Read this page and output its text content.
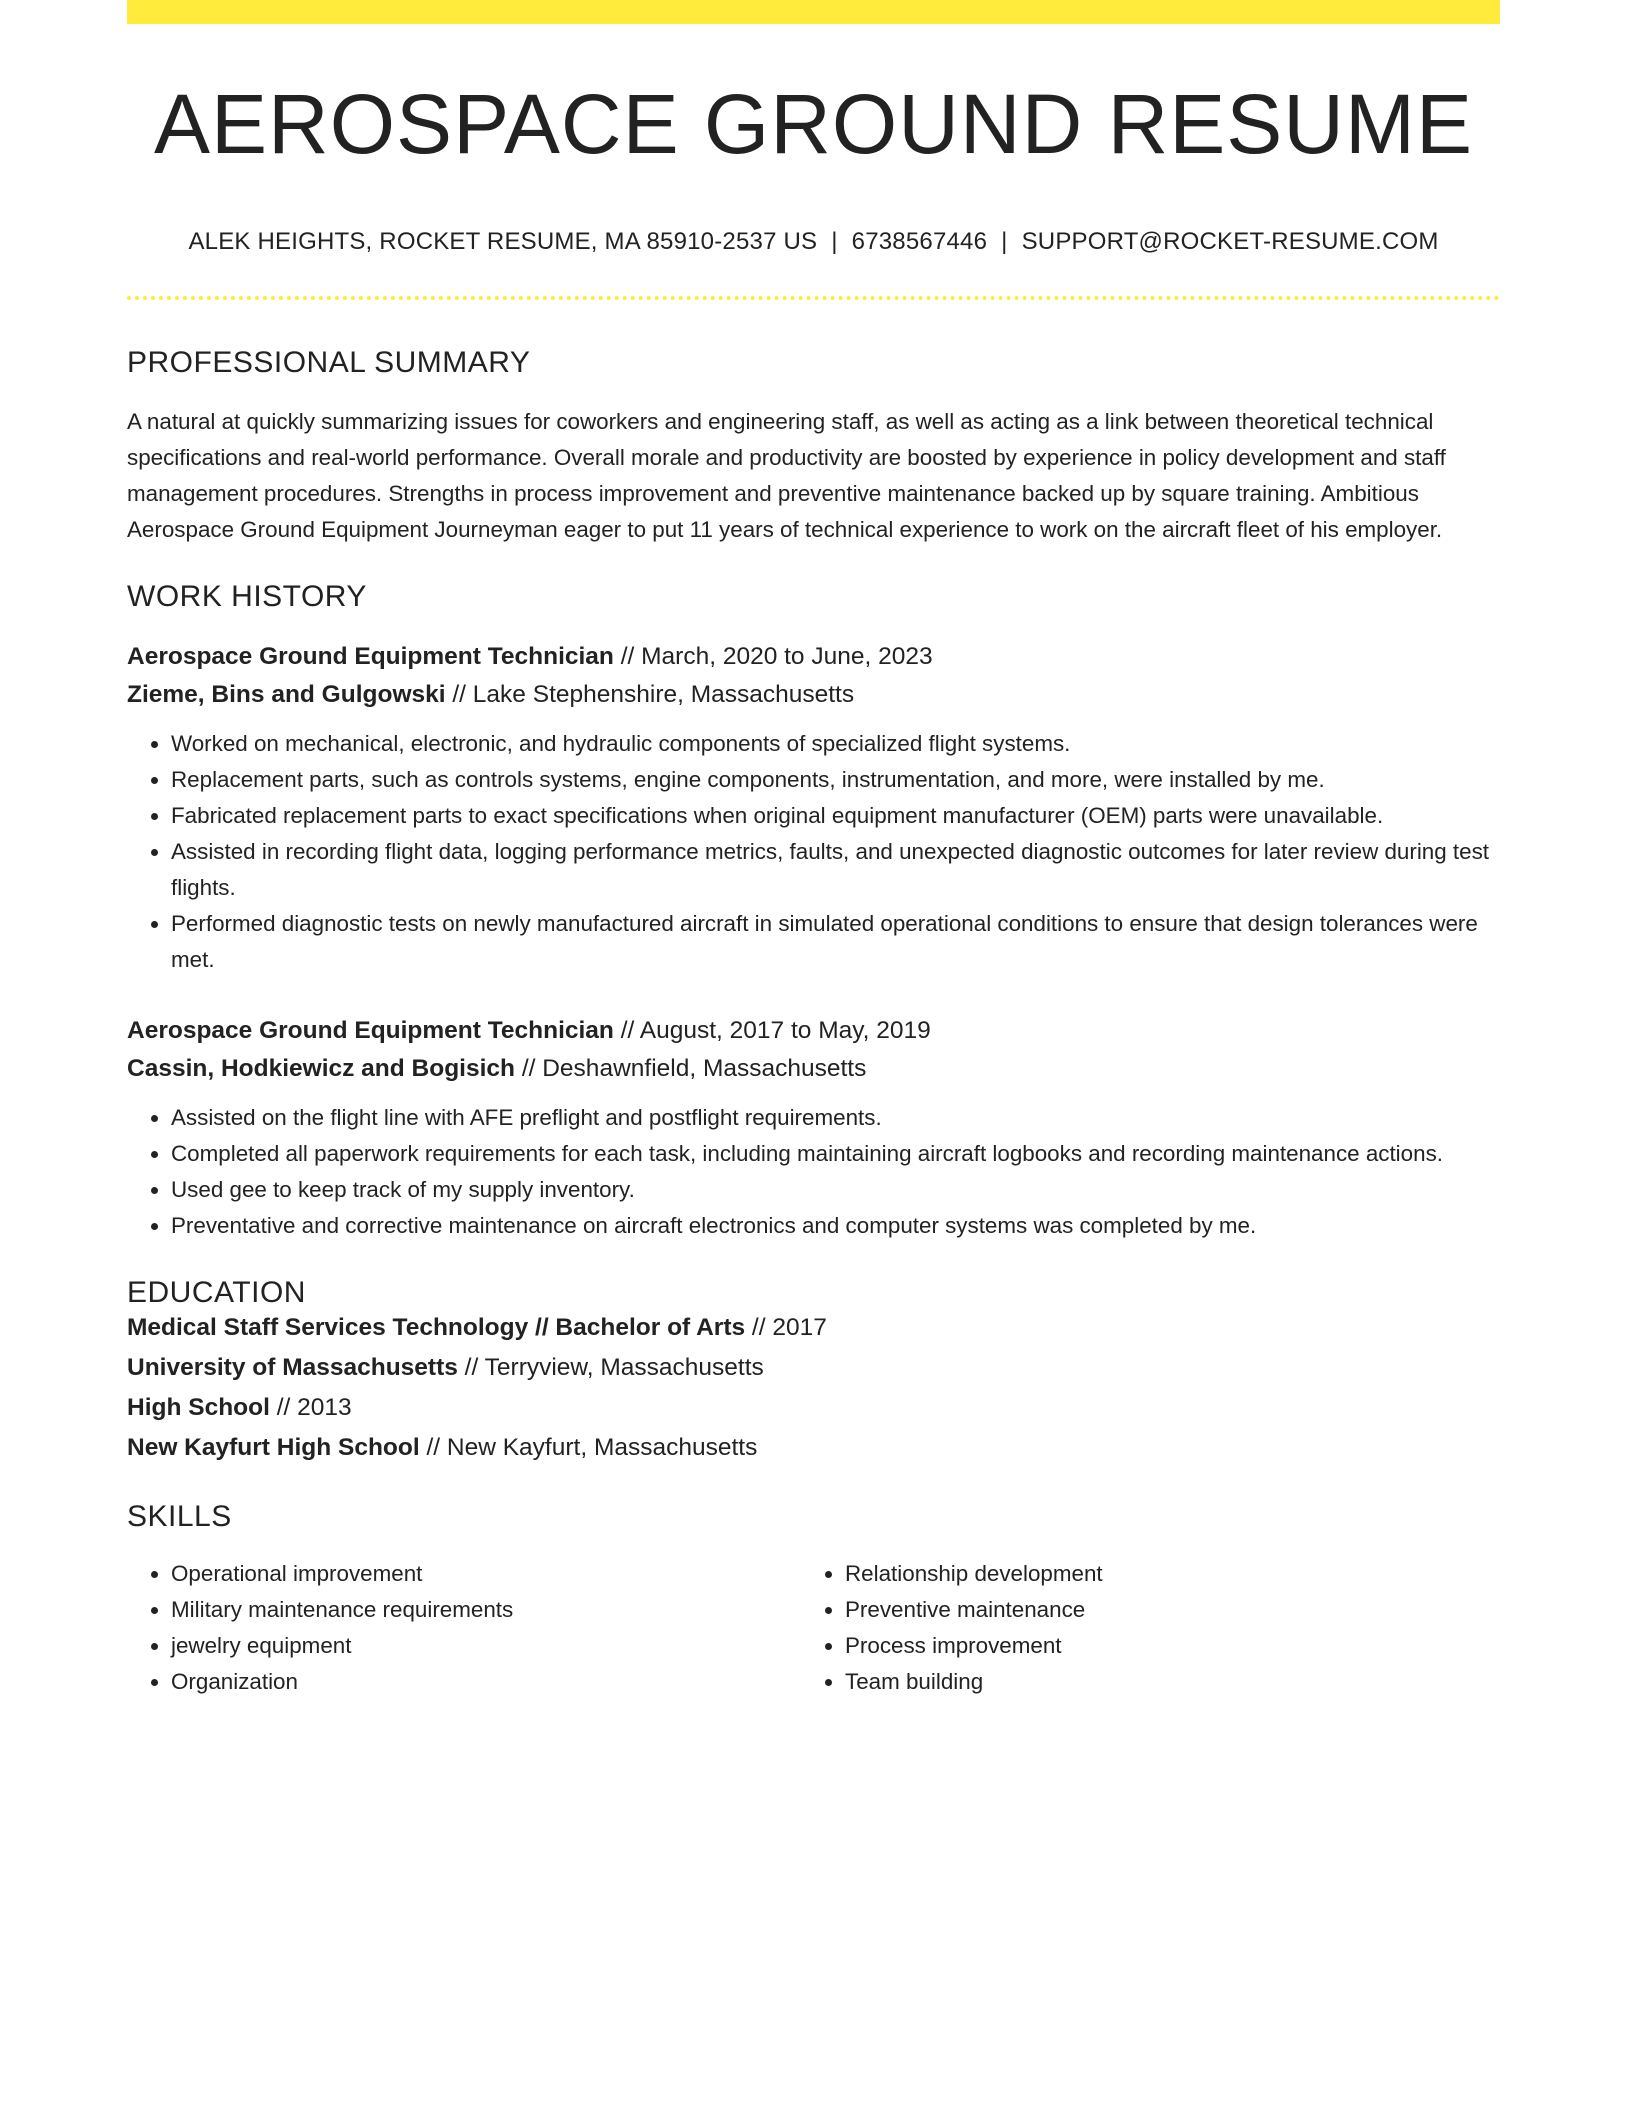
AEROSPACE GROUND RESUME
ALEK HEIGHTS, ROCKET RESUME, MA 85910-2537 US | 6738567446 | SUPPORT@ROCKET-RESUME.COM
PROFESSIONAL SUMMARY

A natural at quickly summarizing issues for coworkers and engineering staff, as well as acting as a link between theoretical technical specifications and real-world performance. Overall morale and productivity are boosted by experience in policy development and staff management procedures. Strengths in process improvement and preventive maintenance backed up by square training. Ambitious Aerospace Ground Equipment Journeyman eager to put 11 years of technical experience to work on the aircraft fleet of his employer.

WORK HISTORY

Aerospace Ground Equipment Technician // March, 2020 to June, 2023

Zieme, Bins and Gulgowski // Lake Stephenshire, Massachusetts

• Worked on mechanical, electronic, and hydraulic components of specialized flight systems.
• Replacement parts, such as controls systems, engine components, instrumentation, and more, were installed by me.
• Fabricated replacement parts to exact specifications when original equipment manufacturer (OEM) parts were unavailable.
• Assisted in recording flight data, logging performance metrics, faults, and unexpected diagnostic outcomes for later review during test flights.
• Performed diagnostic tests on newly manufactured aircraft in simulated operational conditions to ensure that design tolerances were met.

Aerospace Ground Equipment Technician // August, 2017 to May, 2019

Cassin, Hodkiewicz and Bogisich // Deshawnfield, Massachusetts

• Assisted on the flight line with AFE preflight and postflight requirements.
• Completed all paperwork requirements for each task, including maintaining aircraft logbooks and recording maintenance actions.
• Used gee to keep track of my supply inventory.
• Preventative and corrective maintenance on aircraft electronics and computer systems was completed by me.
EDUCATION

Medical Staff Services Technology // Bachelor of Arts // 2017

University of Massachusetts // Terryview, Massachusetts

High School // 2013

New Kayfurt High School // New Kayfurt, Massachusetts

SKILLS
• Operational improvement
• Military maintenance requirements
• jewelry equipment
• Organization
• Relationship development
• Preventive maintenance
• Process improvement
• Team building
